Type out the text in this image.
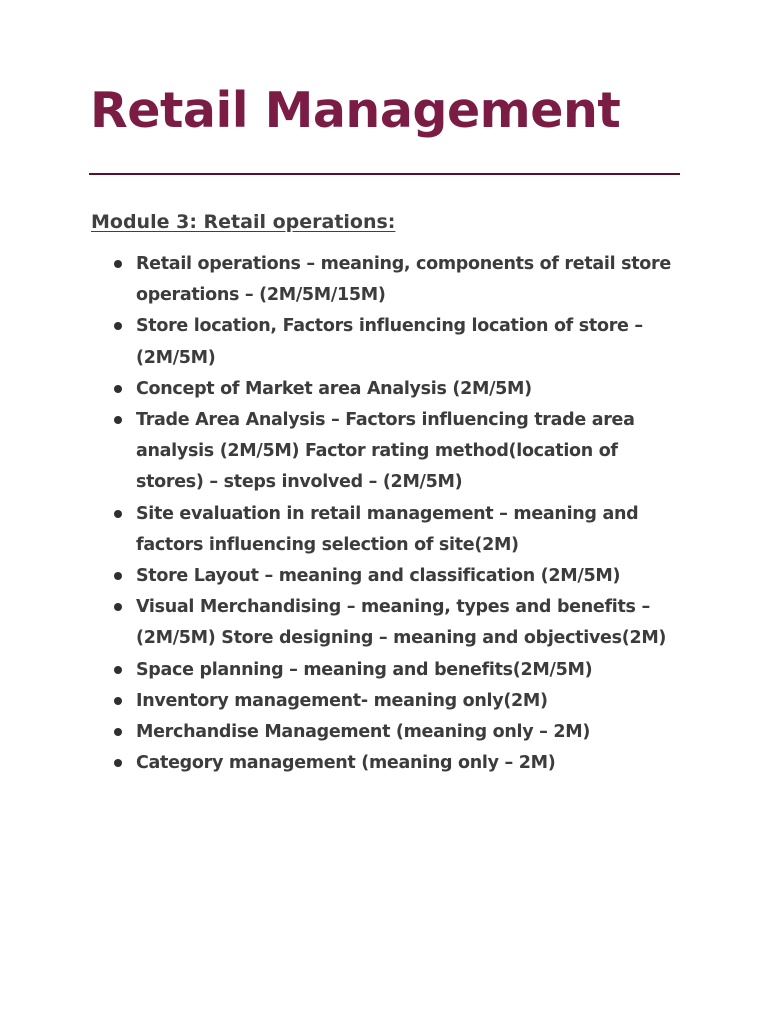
Retail Management
Module 3: Retail operations:
Retail operations – meaning, components of retail store operations – (2M/5M/15M)
Store location, Factors influencing location of store – (2M/5M)
Concept of Market area Analysis (2M/5M)
Trade Area Analysis – Factors influencing trade area analysis (2M/5M) Factor rating method(location of stores) – steps involved – (2M/5M)
Site evaluation in retail management – meaning and factors influencing selection of site(2M)
Store Layout – meaning and classification (2M/5M)
Visual Merchandising – meaning, types and benefits – (2M/5M) Store designing – meaning and objectives(2M)
Space planning – meaning and benefits(2M/5M)
Inventory management- meaning only(2M)
Merchandise Management (meaning only – 2M)
Category management (meaning only – 2M)
